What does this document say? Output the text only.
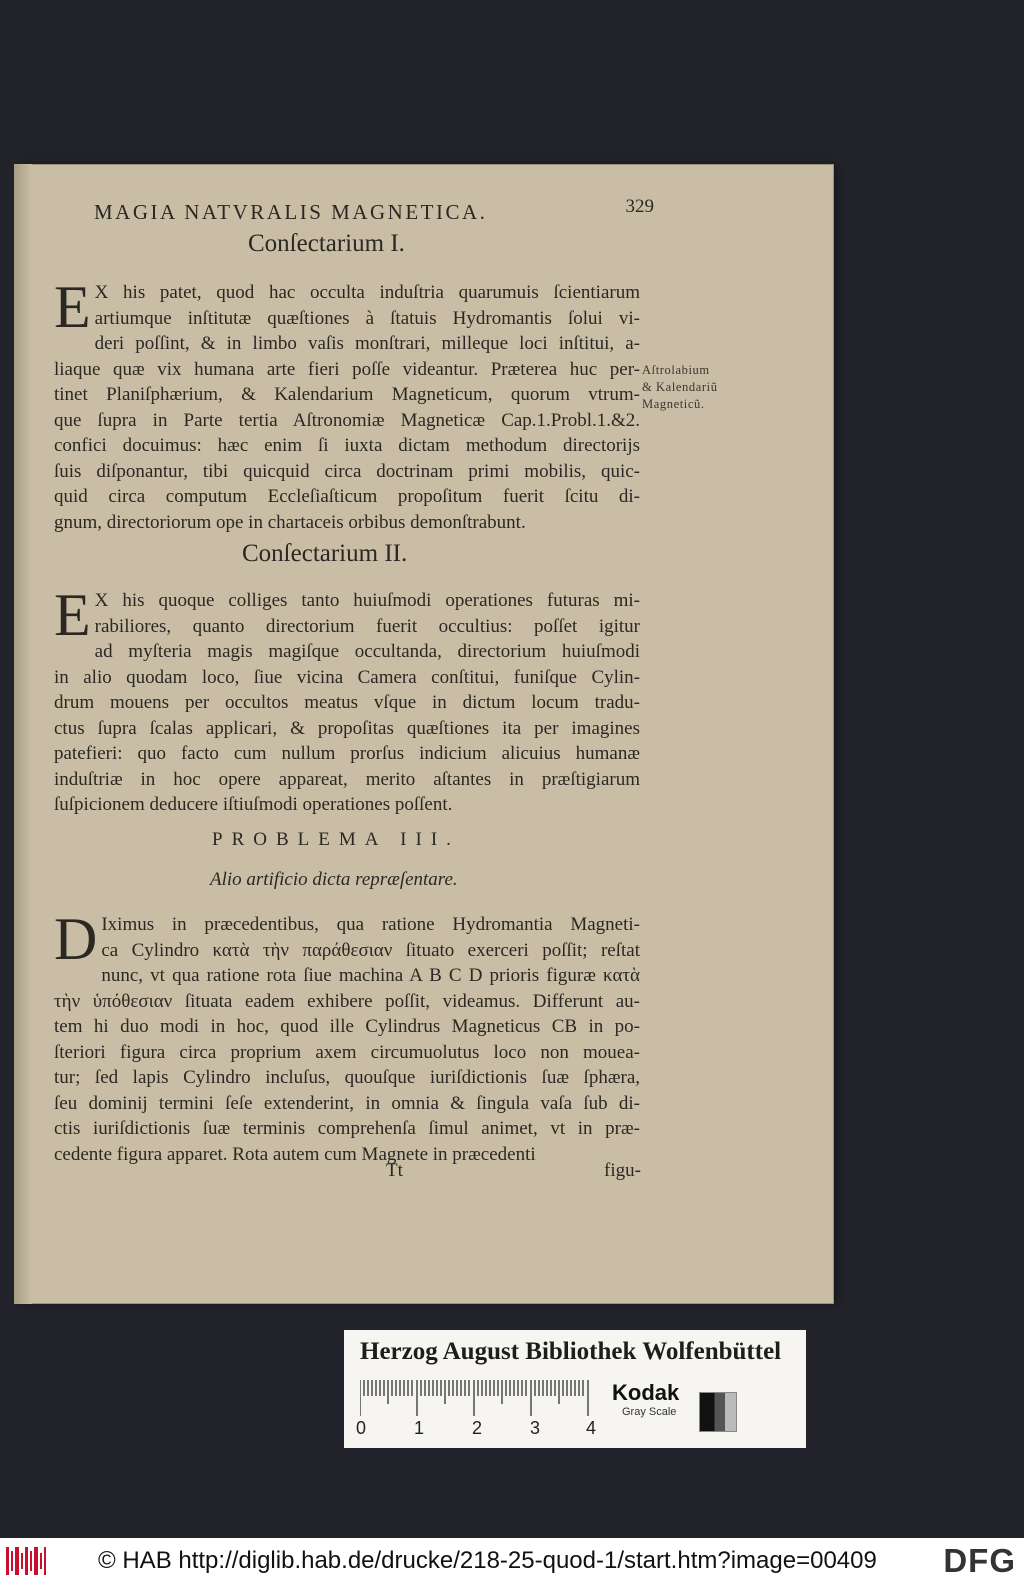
MAGIA NATVRALIS MAGNETICA.	329
Conſectarium I.
E X his patet, quod hac occulta induſtria quarumuis ſcientiarum
artiumque inſtitutæ quæſtiones à ſtatuis Hydromantis ſolui vi-
deri poſſint, & in limbo vaſis monſtrari, milleque loci inſtitui, a-
liaque quæ vix humana arte fieri poſſe videantur. Præterea huc per-
tinet Planiſphærium, & Kalendarium Magneticum, quorum vtrum-
que ſupra in Parte tertia Aſtronomiæ Magneticæ Cap.1.Probl.1.&2.
confici docuimus: hæc enim ſi iuxta dictam methodum directorijs
ſuis diſponantur, tibi quicquid circa doctrinam primi mobilis, quic-
quid circa computum Eccleſiaſticum propoſitum fuerit ſcitu di-
gnum, directoriorum ope in chartaceis orbibus demonſtrabunt.
Aſtrolabium
& Kalendariũ
Magneticũ.
Conſectarium II.
E X his quoque colliges tanto huiuſmodi operationes futuras mi-
rabiliores, quanto directorium fuerit occultius: poſſet igitur
ad myſteria magis magiſque occultanda, directorium huiuſmodi
in alio quodam loco, ſiue vicina Camera conſtitui, funiſque Cylin-
drum mouens per occultos meatus vſque in dictum locum tradu-
ctus ſupra ſcalas applicari, & propoſitas quæſtiones ita per imagines
patefieri: quo facto cum nullum prorſus indicium alicuius humanæ
induſtriæ in hoc opere appareat, merito aſtantes in præſtigiarum
ſuſpicionem deducere iſtiuſmodi operationes poſſent.
PROBLEMA III.
Alio artificio dicta repræſentare.
D Iximus in præcedentibus, qua ratione Hydromantia Magneti-
ca Cylindro κατὰ τὴν παράθεσιαν ſituato exerceri poſſit; reſtat
nunc, vt qua ratione rota ſiue machina A B C D prioris figuræ κατὰ
τὴν ὑπόθεσιαν ſituata eadem exhibere poſſit, videamus. Differunt au-
tem hi duo modi in hoc, quod ille Cylindrus Magneticus CB in po-
ſteriori figura circa proprium axem circumuolutus loco non mouea-
tur; ſed lapis Cylindro incluſus, quouſque iuriſdictionis ſuæ ſphæra,
ſeu dominij termini ſeſe extenderint, in omnia & ſingula vaſa ſub di-
ctis iuriſdictionis ſuæ terminis comprehenſa ſimul animet, vt in præ-
cedente figura apparet. Rota autem cum Magnete in præcedenti
Tt	figu-
Herzog August Bibliothek Wolfenbüttel
0	1	2	3	4
Kodak
Gray Scale
© HAB http://diglib.hab.de/drucke/218-25-quod-1/start.htm?image=00409 DFG
